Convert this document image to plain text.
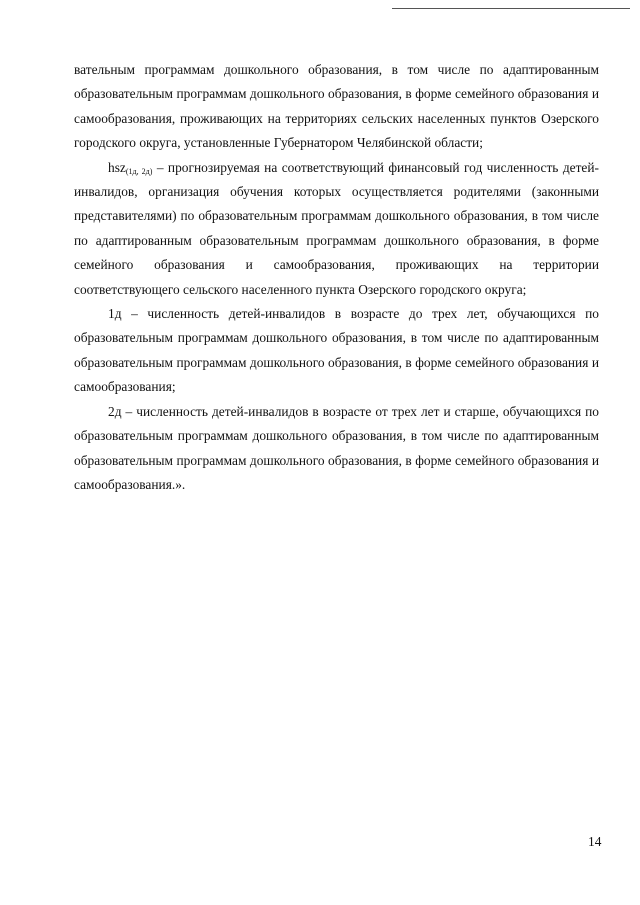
вательным программам дошкольного образования, в том числе по адаптированным образовательным программам дошкольного образования, в форме семейного образования и самообразования, проживающих на территориях сельских населенных пунктов Озерского городского округа, установленные Губернатором Челябинской области;

hsz$_{(1д, 2д)}$ – прогнозируемая на соответствующий финансовый год численность детей-инвалидов, организация обучения которых осуществляется родителями (законными представителями) по образовательным программам дошкольного образования, в том числе по адаптированным образовательным программам дошкольного образования, в форме семейного образования и самообразования, проживающих на территории соответствующего сельского населенного пункта Озерского городского округа;

1д – численность детей-инвалидов в возрасте до трех лет, обучающихся по образовательным программам дошкольного образования, в том числе по адаптированным образовательным программам дошкольного образования, в форме семейного образования и самообразования;

2д – численность детей-инвалидов в возрасте от трех лет и старше, обучающихся по образовательным программам дошкольного образования, в том числе по адаптированным образовательным программам дошкольного образования, в форме семейного образования и самообразования.».

14
